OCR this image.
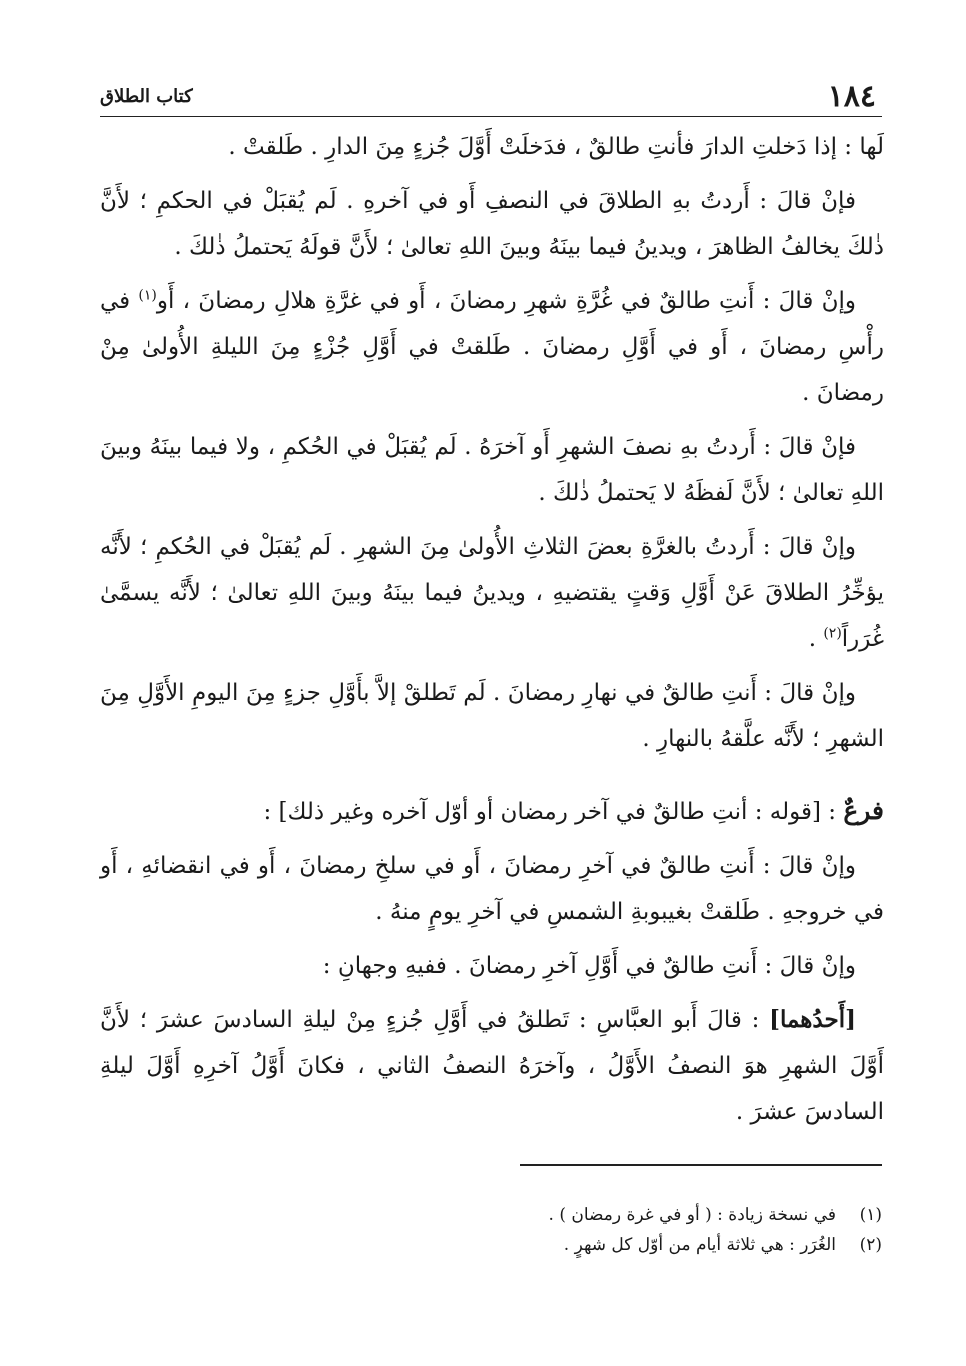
١٨٤
كتاب الطلاق

لَها : إذا دَخلتِ الدارَ فأنتِ طالقٌ ، فدَخلَتْ أَوَّلَ جُزءٍ مِنَ الدارِ . طَلقتْ .

فإنْ قالَ : أَردتُ بهِ الطلاقَ في النصفِ أَو في آخرهِ . لَم يُقبَلْ في الحكمِ ؛ لأَنَّ ذٰلكَ يخالفُ الظاهرَ ، ويدينُ فيما بينَهُ وبينَ اللهِ تعالىٰ ؛ لأَنَّ قولَهُ يَحتملُ ذٰلكَ .

وإنْ قالَ : أَنتِ طالقٌ في غُرَّةِ شهرِ رمضانَ ، أَو في غرَّةِ هلالِ رمضانَ ، أَو$^{(١)}$ في رأْسِ رمضانَ ، أَو في أَوَّلِ رمضانَ . طَلقتْ في أَوَّلِ جُزْءٍ مِنَ الليلةِ الأُولىٰ مِنْ رمضانَ .

فإنْ قالَ : أَردتُ بهِ نصفَ الشهرِ أَو آخرَهُ . لَم يُقبَلْ في الحُكمِ ، ولا فيما بينَهُ وبينَ اللهِ تعالىٰ ؛ لأَنَّ لَفظَهُ لا يَحتملُ ذٰلكَ .

وإنْ قالَ : أَردتُ بالغرَّةِ بعضَ الثلاثِ الأُولىٰ مِنَ الشهرِ . لَم يُقبَلْ في الحُكمِ ؛ لأَنَّه يؤخِّرُ الطلاقَ عَنْ أَوَّلِ وَقتٍ يقتضيهِ ، ويدينُ فيما بينَهُ وبينَ اللهِ تعالىٰ ؛ لأَنَّه يسمَّىٰ غُرَراً$^{(٢)}$ .

وإنْ قالَ : أَنتِ طالقٌ في نهارِ رمضانَ . لَم تَطلقْ إلاَّ بأَوَّلِ جزءٍ مِنَ اليومِ الأَوَّلِ مِنَ الشهرِ ؛ لأَنَّه علَّقهُ بالنهارِ .

فرعٌ : [قوله : أنتِ طالقٌ في آخر رمضان أو أوّل آخره وغير ذلك] :

وإنْ قالَ : أَنتِ طالقٌ في آخرِ رمضانَ ، أَو في سلخِ رمضانَ ، أَو في انقضائهِ ، أَو في خروجهِ . طَلقتْ بغيبوبةِ الشمسِ في آخرِ يومٍ منهُ .

وإنْ قالَ : أَنتِ طالقٌ في أَوَّلِ آخرِ رمضانَ . ففيهِ وجهانِ :

[أَحدُهما] : قالَ أَبو العبَّاسِ : تَطلقُ في أَوَّلِ جُزءٍ مِنْ ليلةِ السادسَ عشرَ ؛ لأَنَّ أَوَّلَ الشهرِ هوَ النصفُ الأَوَّلُ ، وآخرَهُ النصفُ الثاني ، فكانَ أَوَّلُ آخرِهِ أَوَّلَ ليلةِ السادسَ عشرَ .

(١)في نسخة زيادة : ( أو في غرة رمضان ) .
(٢)الغُرَر : هي ثلاثة أيام من أوّل كل شهرٍ .
